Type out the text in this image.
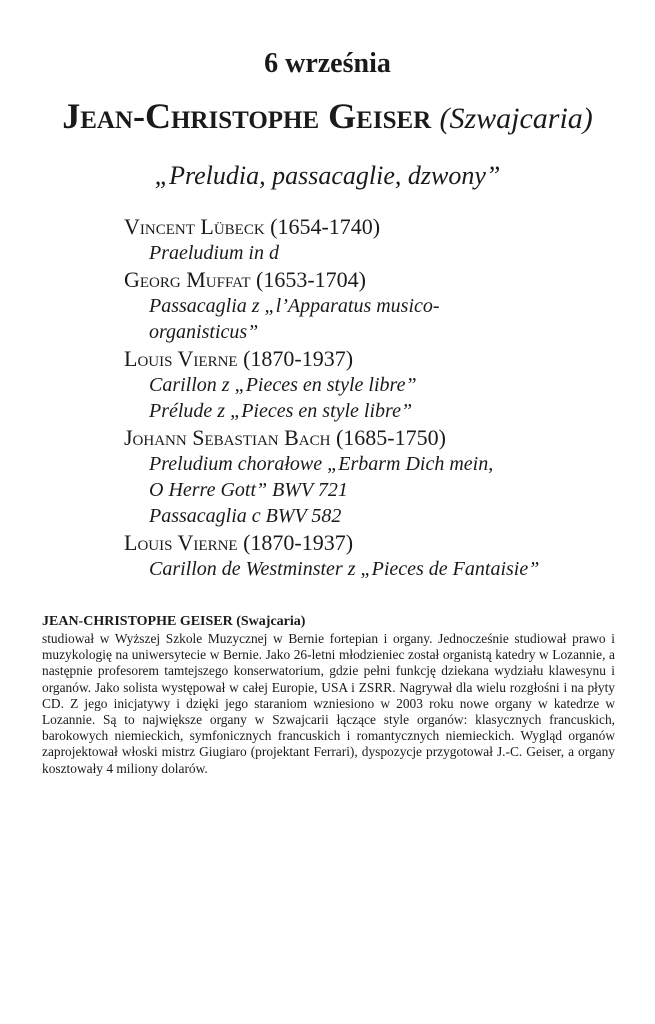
6 września
Jean-Christophe Geiser (Szwajcaria)
„Preludia, passacaglie, dzwony”
Vincent Lübeck (1654-1740)
Praeludium in d
Georg Muffat (1653-1704)
Passacaglia z „l’Apparatus musico-
organisticus”
Louis Vierne (1870-1937)
Carillon z „Pieces en style libre”
Prélude z „Pieces en style libre”
Johann Sebastian Bach (1685-1750)
Preludium chorałowe „Erbarm Dich mein,
O Herre Gott” BWV 721
Passacaglia c BWV 582
Louis Vierne (1870-1937)
Carillon de Westminster z „Pieces de Fantaisie”
JEAN-CHRISTOPHE GEISER (Swajcaria)

studiował w Wyższej Szkole Muzycznej w Bernie fortepian i organy. Jednocześnie studiował prawo i muzykologię na uniwersytecie w Bernie. Jako 26-letni młodzieniec został organistą katedry w Lozannie, a następnie profesorem tamtejszego konserwatorium, gdzie pełni funkcję dziekana wydziału klawesynu i organów. Jako solista występował w całej Europie, USA i ZSRR. Nagrywał dla wielu rozgłośni i na płyty CD. Z jego inicjatywy i dzięki jego staraniom wzniesiono w 2003 roku nowe organy w katedrze w Lozannie. Są to największe organy w Szwajcarii łączące style organów: klasycznych francuskich, barokowych niemieckich, symfonicznych francuskich i romantycznych niemieckich. Wygląd organów zaprojektował włoski mistrz Giugiaro (projektant Ferrari), dyspozycje przygotował J.-C. Geiser, a organy kosztowały 4 miliony dolarów.
